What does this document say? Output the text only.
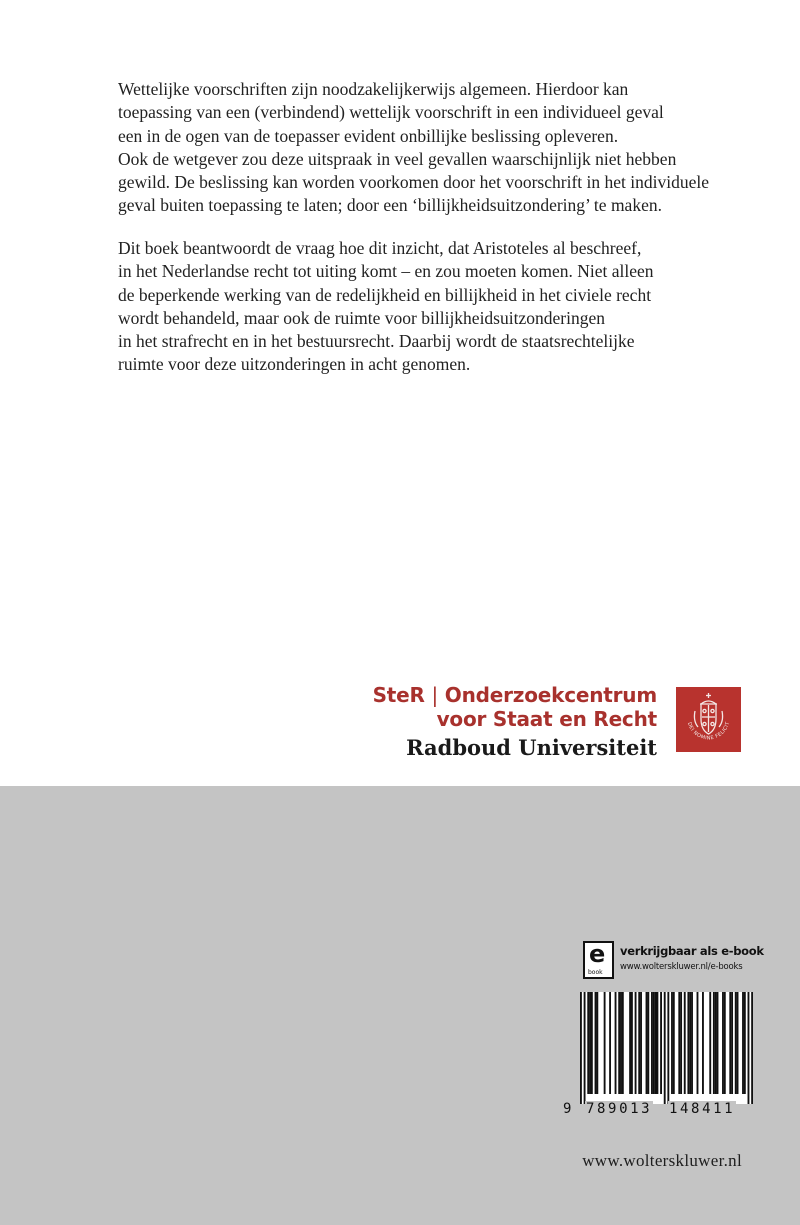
Wettelijke voorschriften zijn noodzakelijkerwijs algemeen. Hierdoor kan
toepassing van een (verbindend) wettelijk voorschrift in een individueel geval
een in de ogen van de toepasser evident onbillijke beslissing opleveren.
Ook de wetgever zou deze uitspraak in veel gevallen waarschijnlijk niet hebben
gewild. De beslissing kan worden voorkomen door het voorschrift in het individuele
geval buiten toepassing te laten; door een ‘billijkheidsuitzondering’ te maken.
Dit boek beantwoordt de vraag hoe dit inzicht, dat Aristoteles al beschreef,
in het Nederlandse recht tot uiting komt – en zou moeten komen. Niet alleen
de beperkende werking van de redelijkheid en billijkheid in het civiele recht
wordt behandeld, maar ook de ruimte voor billijkheidsuitzonderingen
in het strafrecht en in het bestuursrecht. Daarbij wordt de staatsrechtelijke
ruimte voor deze uitzonderingen in acht genomen.
SteR | Onderzoekcentrum
voor Staat en Recht
Radboud Universiteit
DEI NOMINE FELICIT
e
book
verkrijgbaar als e-book
www.wolterskluwer.nl/e-books
9 789013 148411
www.wolterskluwer.nl
